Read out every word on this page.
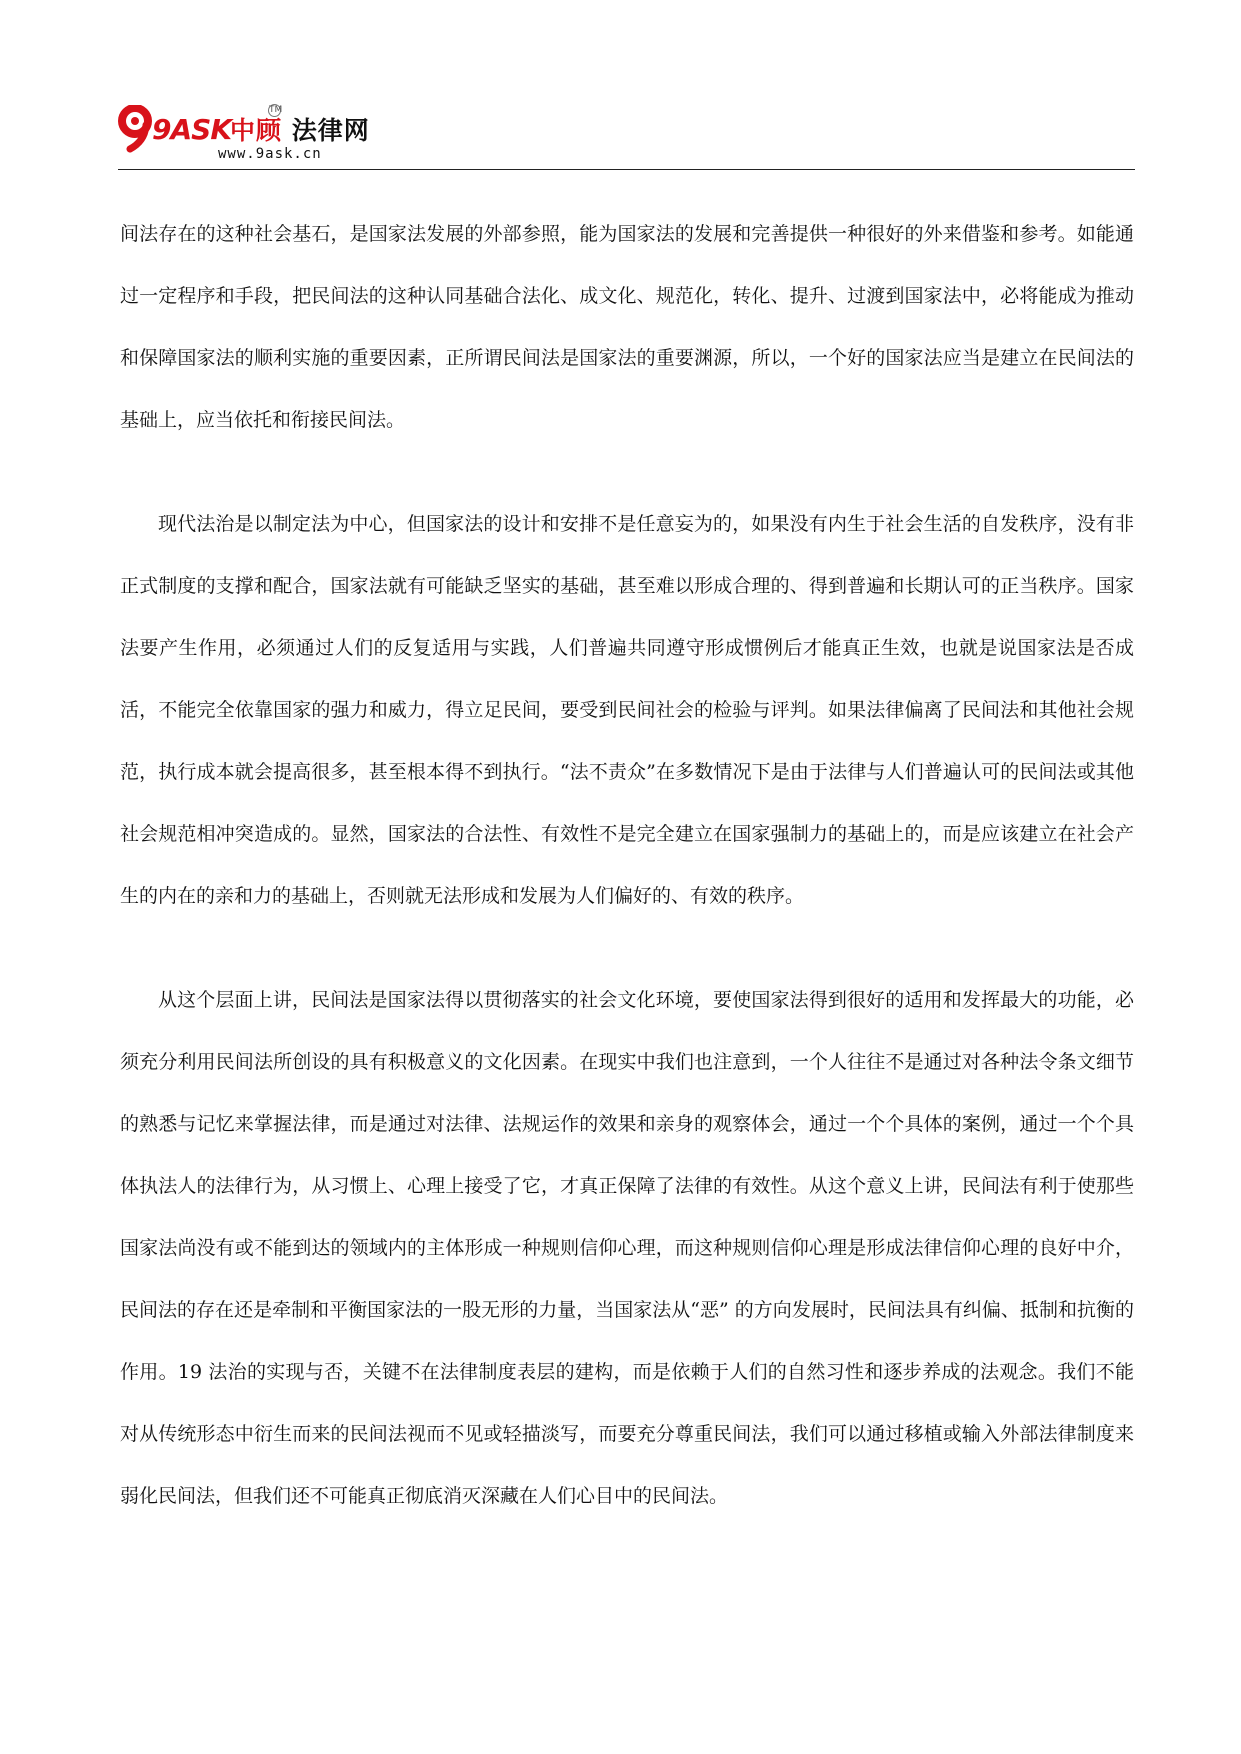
9ASK
中顾 法律网
TM
www.9ask.cn

间法存在的这种社会基石，是国家法发展的外部参照，能为国家法的发展和完善提供一种很好的外来借鉴和参考。如能通过一定程序和手段，把民间法的这种认同基础合法化、成文化、规范化，转化、提升、过渡到国家法中，必将能成为推动和保障国家法的顺利实施的重要因素，正所谓民间法是国家法的重要渊源，所以，一个好的国家法应当是建立在民间法的基础上，应当依托和衔接民间法。

现代法治是以制定法为中心，但国家法的设计和安排不是任意妄为的，如果没有内生于社会生活的自发秩序，没有非正式制度的支撑和配合，国家法就有可能缺乏坚实的基础，甚至难以形成合理的、得到普遍和长期认可的正当秩序。国家法要产生作用，必须通过人们的反复适用与实践，人们普遍共同遵守形成惯例后才能真正生效，也就是说国家法是否成活，不能完全依靠国家的强力和威力，得立足民间，要受到民间社会的检验与评判。如果法律偏离了民间法和其他社会规范，执行成本就会提高很多，甚至根本得不到执行。“法不责众”在多数情况下是由于法律与人们普遍认可的民间法或其他社会规范相冲突造成的。显然，国家法的合法性、有效性不是完全建立在国家强制力的基础上的，而是应该建立在社会产生的内在的亲和力的基础上，否则就无法形成和发展为人们偏好的、有效的秩序。

从这个层面上讲，民间法是国家法得以贯彻落实的社会文化环境，要使国家法得到很好的适用和发挥最大的功能，必须充分利用民间法所创设的具有积极意义的文化因素。在现实中我们也注意到，一个人往往不是通过对各种法令条文细节的熟悉与记忆来掌握法律，而是通过对法律、法规运作的效果和亲身的观察体会，通过一个个具体的案例，通过一个个具体执法人的法律行为，从习惯上、心理上接受了它，才真正保障了法律的有效性。从这个意义上讲，民间法有利于使那些国家法尚没有或不能到达的领域内的主体形成一种规则信仰心理，而这种规则信仰心理是形成法律信仰心理的良好中介，民间法的存在还是牵制和平衡国家法的一股无形的力量，当国家法从“恶” 的方向发展时，民间法具有纠偏、抵制和抗衡的作用。19 法治的实现与否，关键不在法律制度表层的建构，而是依赖于人们的自然习性和逐步养成的法观念。我们不能对从传统形态中衍生而来的民间法视而不见或轻描淡写，而要充分尊重民间法，我们可以通过移植或输入外部法律制度来弱化民间法，但我们还不可能真正彻底消灭深藏在人们心目中的民间法。
